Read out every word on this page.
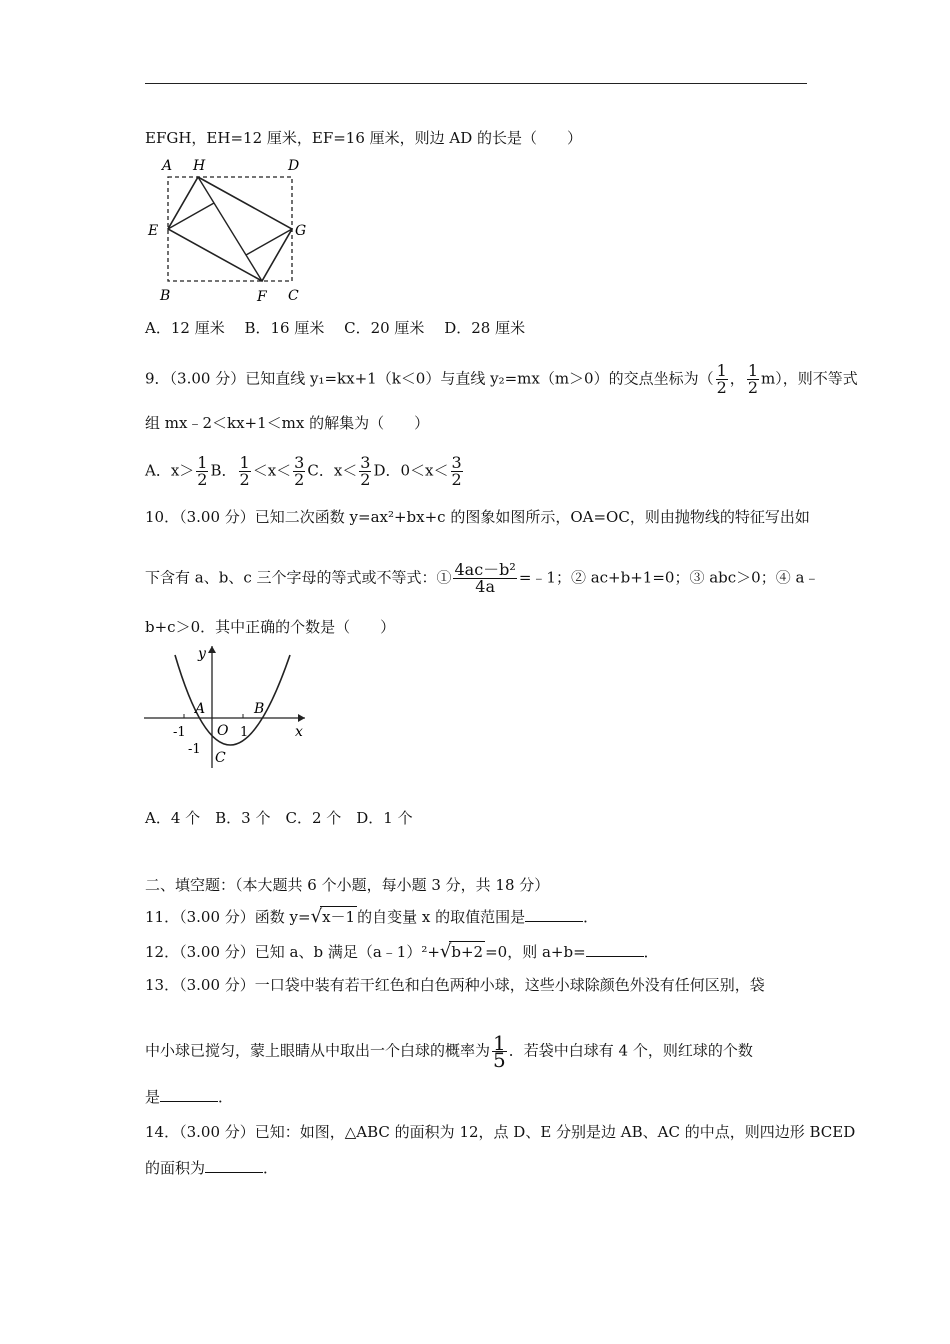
EFGH，EH=12 厘米，EF=16 厘米，则边 AD 的长是（　　）
A H	D
E	G
B	F C
A．12 厘米　 B．16 厘米　 C．20 厘米　 D．28 厘米
9．（3.00 分）已知直线 y₁=kx+1（k＜0）与直线 y₂=mx（m＞0）的交点坐标为（ $\frac{1}{2}$ ， $\frac{1}{2} m$），则不等式
组 mx﹣2＜kx+1＜mx 的解集为（　　）
A．$x> \frac{1}{2}$ B． $\frac{1}{2} <x< \frac{3}{2}$ C．$x< \frac{3}{2}$ D．$0<x< \frac{3}{2}$
10．（3.00 分）已知二次函数 y=ax²+bx+c 的图象如图所示，OA=OC，则由抛物线的特征写出如
下含有 a、b、c 三个字母的等式或不等式：① $\frac{\text{4ac－b²}}{4a}$ =﹣1；② ac+b+1=0；③ abc＞0；④ a﹣
b+c＞0．其中正确的个数是（　　）
y
x
A
O
B
C
-1	1
-1
A．4 个　B．3 个　C．2 个　D．1 个
二、填空题：（本大题共 6 个小题，每小题 3 分，共 18 分）
11．（3.00 分）函数 y=√x－1 的自变量 x 的取值范围是	．
12．（3.00 分）已知 a、b 满足（a﹣1）²+√b+2 =0，则 a+b=	．
13．（3.00 分）一口袋中装有若干红色和白色两种小球，这些小球除颜色外没有任何区别，袋
中小球已搅匀，蒙上眼睛从中取出一个白球的概率为 $\frac{1}{5}$ ．若袋中白球有 4 个，则红球的个数
是	．
14．（3.00 分）已知：如图，△ABC 的面积为 12，点 D、E 分别是边 AB、AC 的中点，则四边形 BCED
的面积为	．
